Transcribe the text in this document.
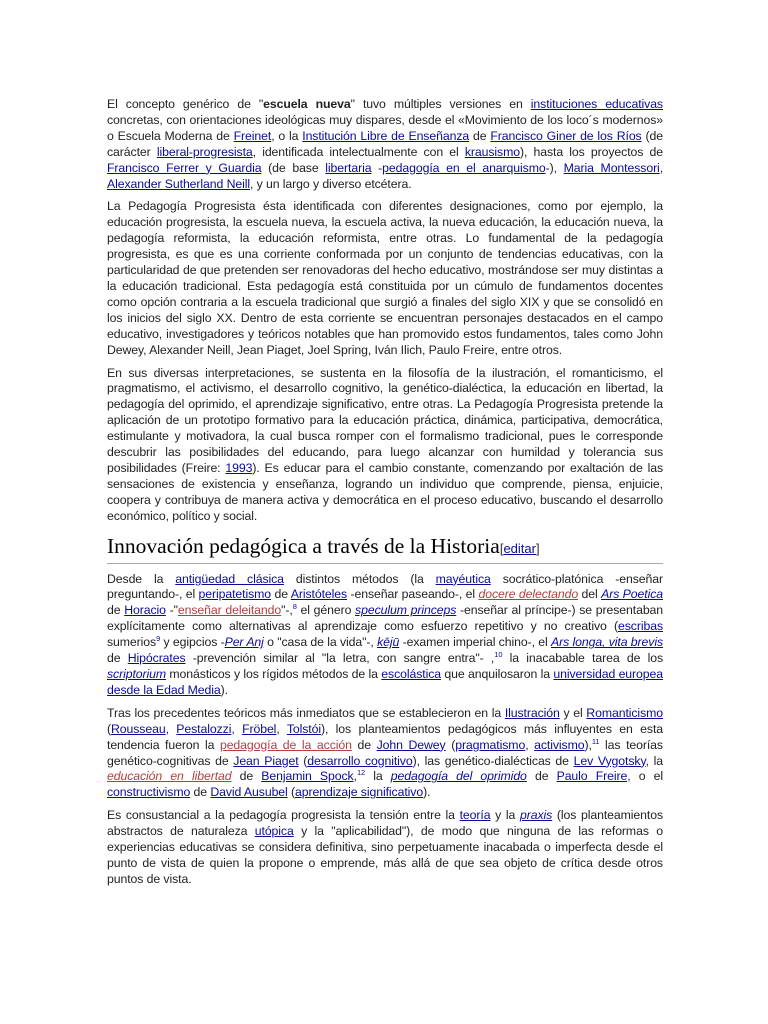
El concepto genérico de "escuela nueva" tuvo múltiples versiones en instituciones educativas concretas, con orientaciones ideológicas muy dispares, desde el «Movimiento de los loco´s modernos» o Escuela Moderna de Freinet, o la Institución Libre de Enseñanza de Francisco Giner de los Ríos (de carácter liberal-progresista, identificada intelectualmente con el krausismo), hasta los proyectos de Francisco Ferrer y Guardia (de base libertaria -pedagogía en el anarquismo-), Maria Montessori, Alexander Sutherland Neill, y un largo y diverso etcétera.

La Pedagogía Progresista ésta identificada con diferentes designaciones, como por ejemplo, la educación progresista, la escuela nueva, la escuela activa, la nueva educación, la educación nueva, la pedagogía reformista, la educación reformista, entre otras. Lo fundamental de la pedagogía progresista, es que es una corriente conformada por un conjunto de tendencias educativas, con la particularidad de que pretenden ser renovadoras del hecho educativo, mostrándose ser muy distintas a la educación tradicional. Esta pedagogía está constituida por un cúmulo de fundamentos docentes como opción contraria a la escuela tradicional que surgió a finales del siglo XIX y que se consolidó en los inicios del siglo XX. Dentro de esta corriente se encuentran personajes destacados en el campo educativo, investigadores y teóricos notables que han promovido estos fundamentos, tales como John Dewey, Alexander Neill, Jean Piaget, Joel Spring, Iván Ilich, Paulo Freire, entre otros.

En sus diversas interpretaciones, se sustenta en la filosofía de la ilustración, el romanticismo, el pragmatismo, el activismo, el desarrollo cognitivo, la genético-dialéctica, la educación en libertad, la pedagogía del oprimido, el aprendizaje significativo, entre otras. La Pedagogía Progresista pretende la aplicación de un prototipo formativo para la educación práctica, dinámica, participativa, democrática, estimulante y motivadora, la cual busca romper con el formalismo tradicional, pues le corresponde descubrir las posibilidades del educando, para luego alcanzar con humildad y tolerancia sus posibilidades (Freire: 1993). Es educar para el cambio constante, comenzando por exaltación de las sensaciones de existencia y enseñanza, logrando un individuo que comprende, piensa, enjuicie, coopera y contribuya de manera activa y democrática en el proceso educativo, buscando el desarrollo económico, político y social.

Innovación pedagógica a través de la Historia[editar]

Desde la antigüedad clásica distintos métodos (la mayéutica socrático-platónica -enseñar preguntando-, el peripatetismo de Aristóteles -enseñar paseando-, el docere delectando del Ars Poetica de Horacio -"enseñar deleitando"-,$^8$ el género speculum princeps -enseñar al príncipe-) se presentaban explícitamente como alternativas al aprendizaje como esfuerzo repetitivo y no creativo (escribas sumerios$^9$ y egipcios -Per Anj o "casa de la vida"-, kējū -examen imperial chino-, el Ars longa, vita brevis de Hipócrates -prevención similar al "la letra, con sangre entra"- ,$^{10}$ la inacabable tarea de los scriptorium monásticos y los rígidos métodos de la escolástica que anquilosaron la universidad europea desde la Edad Media).

Tras los precedentes teóricos más inmediatos que se establecieron en la Ilustración y el Romanticismo (Rousseau, Pestalozzi, Fröbel, Tolstói), los planteamientos pedagógicos más influyentes en esta tendencia fueron la pedagogía de la acción de John Dewey (pragmatismo, activismo),$^{11}$ las teorías genético-cognitivas de Jean Piaget (desarrollo cognitivo), las genético-dialécticas de Lev Vygotsky, la educación en libertad de Benjamin Spock,$^{12}$ la pedagogía del oprimido de Paulo Freire, o el constructivismo de David Ausubel (aprendizaje significativo).

Es consustancial a la pedagogía progresista la tensión entre la teoría y la praxis (los planteamientos abstractos de naturaleza utópica y la "aplicabilidad"), de modo que ninguna de las reformas o experiencias educativas se considera definitiva, sino perpetuamente inacabada o imperfecta desde el punto de vista de quien la propone o emprende, más allá de que sea objeto de crítica desde otros puntos de vista.
